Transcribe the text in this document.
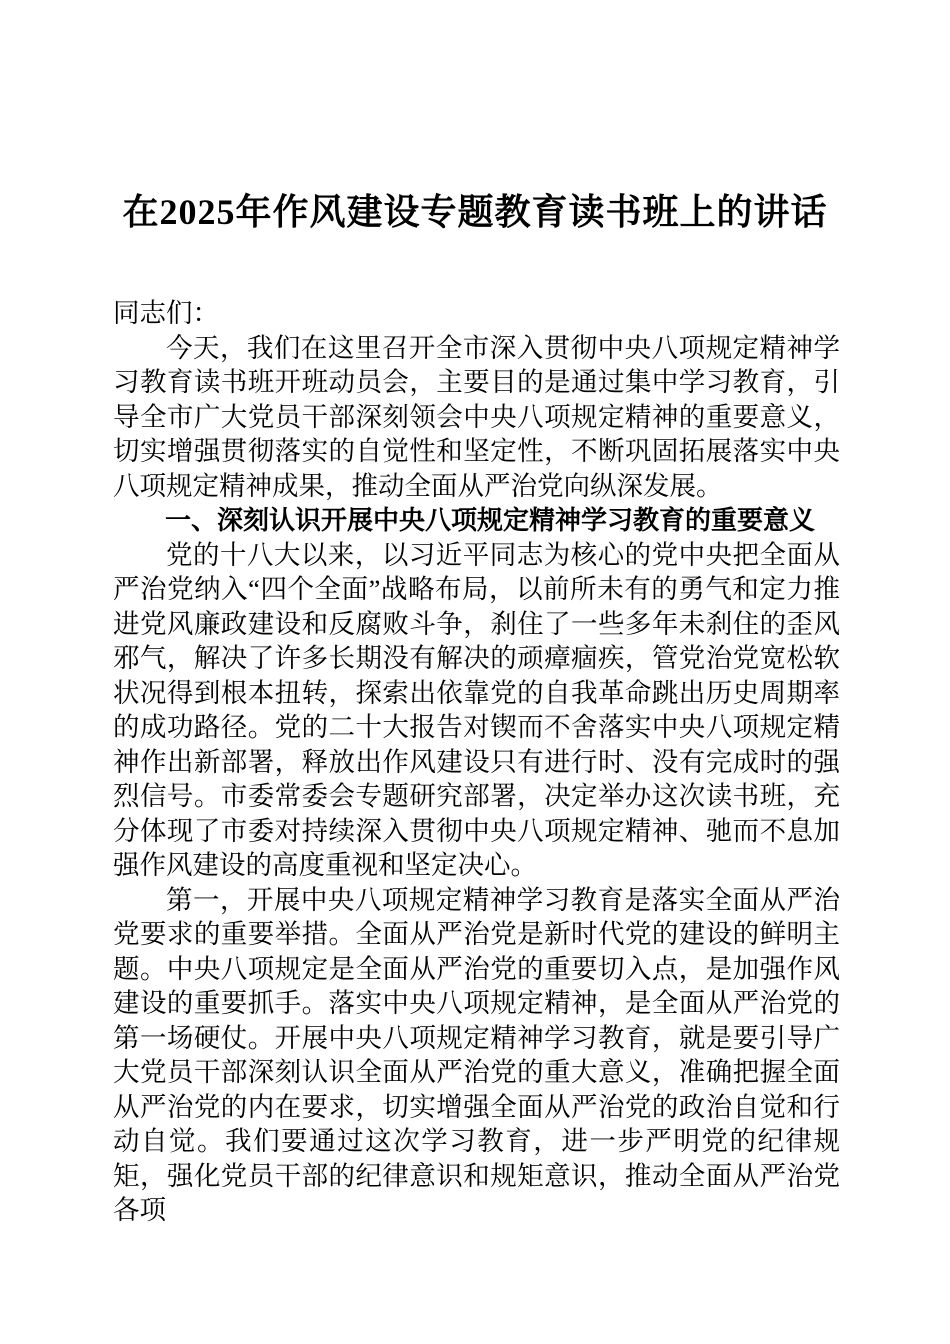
在2025年作风建设专题教育读书班上的讲话

同志们：

今天，我们在这里召开全市深入贯彻中央八项规定精神学习教育读书班开班动员会，主要目的是通过集中学习教育，引导全市广大党员干部深刻领会中央八项规定精神的重要意义，切实增强贯彻落实的自觉性和坚定性，不断巩固拓展落实中央八项规定精神成果，推动全面从严治党向纵深发展。

一、深刻认识开展中央八项规定精神学习教育的重要意义

党的十八大以来，以习近平同志为核心的党中央把全面从严治党纳入“四个全面”战略布局，以前所未有的勇气和定力推进党风廉政建设和反腐败斗争，刹住了一些多年未刹住的歪风邪气，解决了许多长期没有解决的顽瘴痼疾，管党治党宽松软状况得到根本扭转，探索出依靠党的自我革命跳出历史周期率的成功路径。党的二十大报告对锲而不舍落实中央八项规定精神作出新部署，释放出作风建设只有进行时、没有完成时的强烈信号。市委常委会专题研究部署，决定举办这次读书班，充分体现了市委对持续深入贯彻中央八项规定精神、驰而不息加强作风建设的高度重视和坚定决心。

第一，开展中央八项规定精神学习教育是落实全面从严治党要求的重要举措。全面从严治党是新时代党的建设的鲜明主题。中央八项规定是全面从严治党的重要切入点，是加强作风建设的重要抓手。落实中央八项规定精神，是全面从严治党的第一场硬仗。开展中央八项规定精神学习教育，就是要引导广大党员干部深刻认识全面从严治党的重大意义，准确把握全面从严治党的内在要求，切实增强全面从严治党的政治自觉和行动自觉。我们要通过这次学习教育，进一步严明党的纪律规矩，强化党员干部的纪律意识和规矩意识，推动全面从严治党各项
